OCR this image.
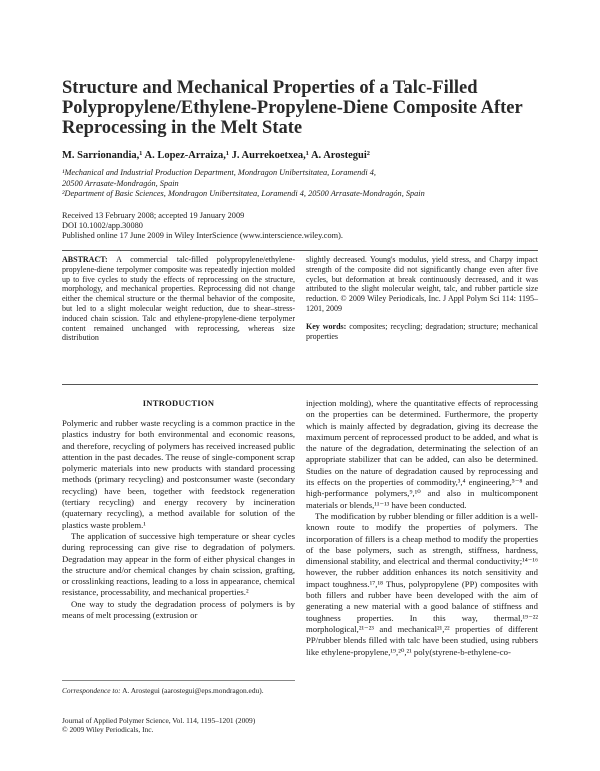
Structure and Mechanical Properties of a Talc-Filled Polypropylene/Ethylene-Propylene-Diene Composite After Reprocessing in the Melt State
M. Sarrionandia,¹ A. Lopez-Arraiza,¹ J. Aurrekoetxea,¹ A. Arostegui²
¹Mechanical and Industrial Production Department, Mondragon Unibertsitatea, Loramendi 4,
20500 Arrasate-Mondragón, Spain
²Department of Basic Sciences, Mondragon Unibertsitatea, Loramendi 4, 20500 Arrasate-Mondragón, Spain
Received 13 February 2008; accepted 19 January 2009
DOI 10.1002/app.30080
Published online 17 June 2009 in Wiley InterScience (www.interscience.wiley.com).
ABSTRACT: A commercial talc-filled polypropylene/ethylene-propylene-diene terpolymer composite was repeatedly injection molded up to five cycles to study the effects of reprocessing on the structure, morphology, and mechanical properties. Reprocessing did not change either the chemical structure or the thermal behavior of the composite, but led to a slight molecular weight reduction, due to shear–stress-induced chain scission. Talc and ethylene-propylene-diene terpolymer content remained unchanged with reprocessing, whereas size distribution
slightly decreased. Young's modulus, yield stress, and Charpy impact strength of the composite did not significantly change even after five cycles, but deformation at break continuously decreased, and it was attributed to the slight molecular weight, talc, and rubber particle size reduction. © 2009 Wiley Periodicals, Inc. J Appl Polym Sci 114: 1195–1201, 2009
Key words: composites; recycling; degradation; structure; mechanical properties
INTRODUCTION

Polymeric and rubber waste recycling is a common practice in the plastics industry for both environmental and economic reasons, and therefore, recycling of polymers has received increased public attention in the past decades. The reuse of single-component scrap polymeric materials into new products with standard processing methods (primary recycling) and postconsumer waste (secondary recycling) have been, together with feedstock regeneration (tertiary recycling) and energy recovery by incineration (quaternary recycling), a method available for solution of the plastics waste problem.¹

The application of successive high temperature or shear cycles during reprocessing can give rise to degradation of polymers. Degradation may appear in the form of either physical changes in the structure and/or chemical changes by chain scission, grafting, or crosslinking reactions, leading to a loss in appearance, chemical resistance, processability, and mechanical properties.²

One way to study the degradation process of polymers is by means of melt processing (extrusion or

injection molding), where the quantitative effects of reprocessing on the properties can be determined. Furthermore, the property which is mainly affected by degradation, giving its decrease the maximum percent of reprocessed product to be added, and what is the nature of the degradation, determinating the selection of an appropriate stabilizer that can be added, can also be determined. Studies on the nature of degradation caused by reprocessing and its effects on the properties of commodity,³,⁴ engineering,⁵⁻⁸ and high-performance polymers,⁹,¹⁰ and also in multicomponent materials or blends,¹¹⁻¹³ have been conducted.

The modification by rubber blending or filler addition is a well-known route to modify the properties of polymers. The incorporation of fillers is a cheap method to modify the properties of the base polymers, such as strength, stiffness, hardness, dimensional stability, and electrical and thermal conductivity;¹⁴⁻¹⁶ however, the rubber addition enhances its notch sensitivity and impact toughness.¹⁷,¹⁸ Thus, polypropylene (PP) composites with both fillers and rubber have been developed with the aim of generating a new material with a good balance of stiffness and toughness properties. In this way, thermal,¹⁹⁻²² morphological,²¹⁻²³ and mechanical²¹,²² properties of different PP/rubber blends filled with talc have been studied, using rubbers like ethylene-propylene,¹⁹,²⁰,²¹ poly(styrene-b-ethylene-co-

Correspondence to: A. Arostegui (aarostegui@eps.mondragon.edu).
Journal of Applied Polymer Science, Vol. 114, 1195–1201 (2009)
© 2009 Wiley Periodicals, Inc.
